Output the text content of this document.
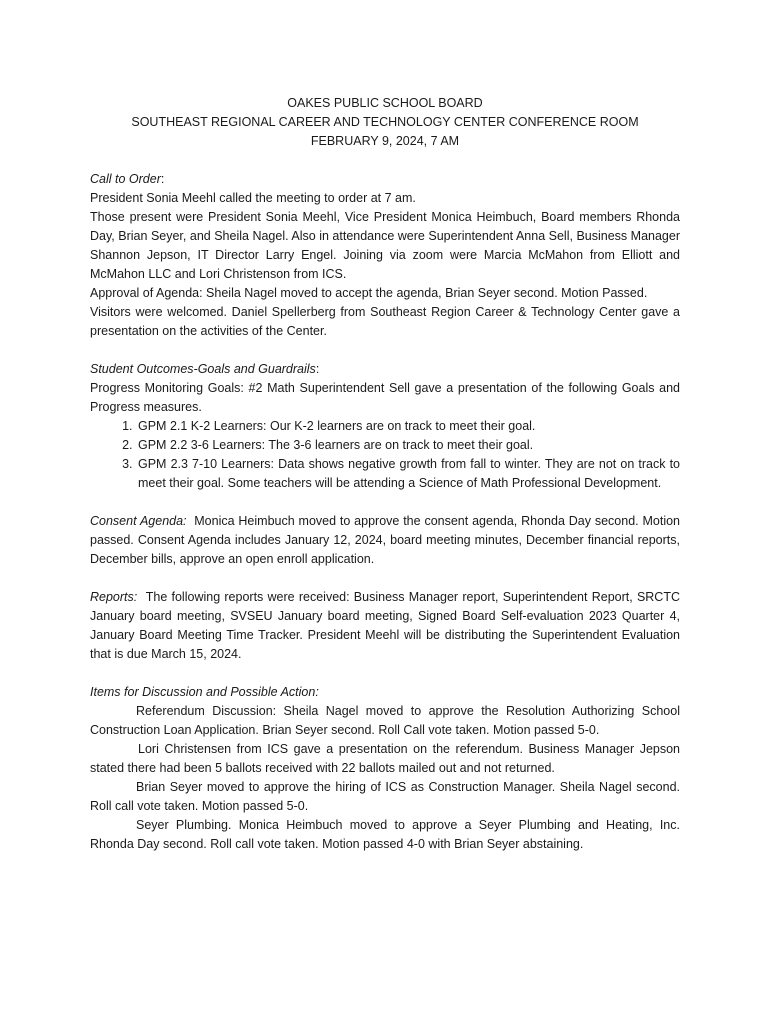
OAKES PUBLIC SCHOOL BOARD
SOUTHEAST REGIONAL CAREER AND TECHNOLOGY CENTER CONFERENCE ROOM
FEBRUARY 9, 2024, 7 AM

Call to Order:

President Sonia Meehl called the meeting to order at 7 am.

Those present were President Sonia Meehl, Vice President Monica Heimbuch, Board members Rhonda Day, Brian Seyer, and Sheila Nagel. Also in attendance were Superintendent Anna Sell, Business Manager Shannon Jepson, IT Director Larry Engel. Joining via zoom were Marcia McMahon from Elliott and McMahon LLC and Lori Christenson from ICS.

Approval of Agenda: Sheila Nagel moved to accept the agenda, Brian Seyer second. Motion Passed.

Visitors were welcomed. Daniel Spellerberg from Southeast Region Career & Technology Center gave a presentation on the activities of the Center.

Student Outcomes-Goals and Guardrails:

Progress Monitoring Goals: #2 Math Superintendent Sell gave a presentation of the following Goals and Progress measures.

1. GPM 2.1 K-2 Learners: Our K-2 learners are on track to meet their goal.
2. GPM 2.2 3-6 Learners: The 3-6 learners are on track to meet their goal.
3. GPM 2.3 7-10 Learners: Data shows negative growth from fall to winter. They are not on track to meet their goal. Some teachers will be attending a Science of Math Professional Development.

Consent Agenda: Monica Heimbuch moved to approve the consent agenda, Rhonda Day second. Motion passed. Consent Agenda includes January 12, 2024, board meeting minutes, December financial reports, December bills, approve an open enroll application.

Reports: The following reports were received: Business Manager report, Superintendent Report, SRCTC January board meeting, SVSEU January board meeting, Signed Board Self-evaluation 2023 Quarter 4, January Board Meeting Time Tracker. President Meehl will be distributing the Superintendent Evaluation that is due March 15, 2024.

Items for Discussion and Possible Action:

Referendum Discussion: Sheila Nagel moved to approve the Resolution Authorizing School Construction Loan Application. Brian Seyer second. Roll Call vote taken. Motion passed 5-0.

Lori Christensen from ICS gave a presentation on the referendum. Business Manager Jepson stated there had been 5 ballots received with 22 ballots mailed out and not returned.

Brian Seyer moved to approve the hiring of ICS as Construction Manager. Sheila Nagel second. Roll call vote taken. Motion passed 5-0.

Seyer Plumbing. Monica Heimbuch moved to approve a Seyer Plumbing and Heating, Inc. Rhonda Day second. Roll call vote taken. Motion passed 4-0 with Brian Seyer abstaining.
